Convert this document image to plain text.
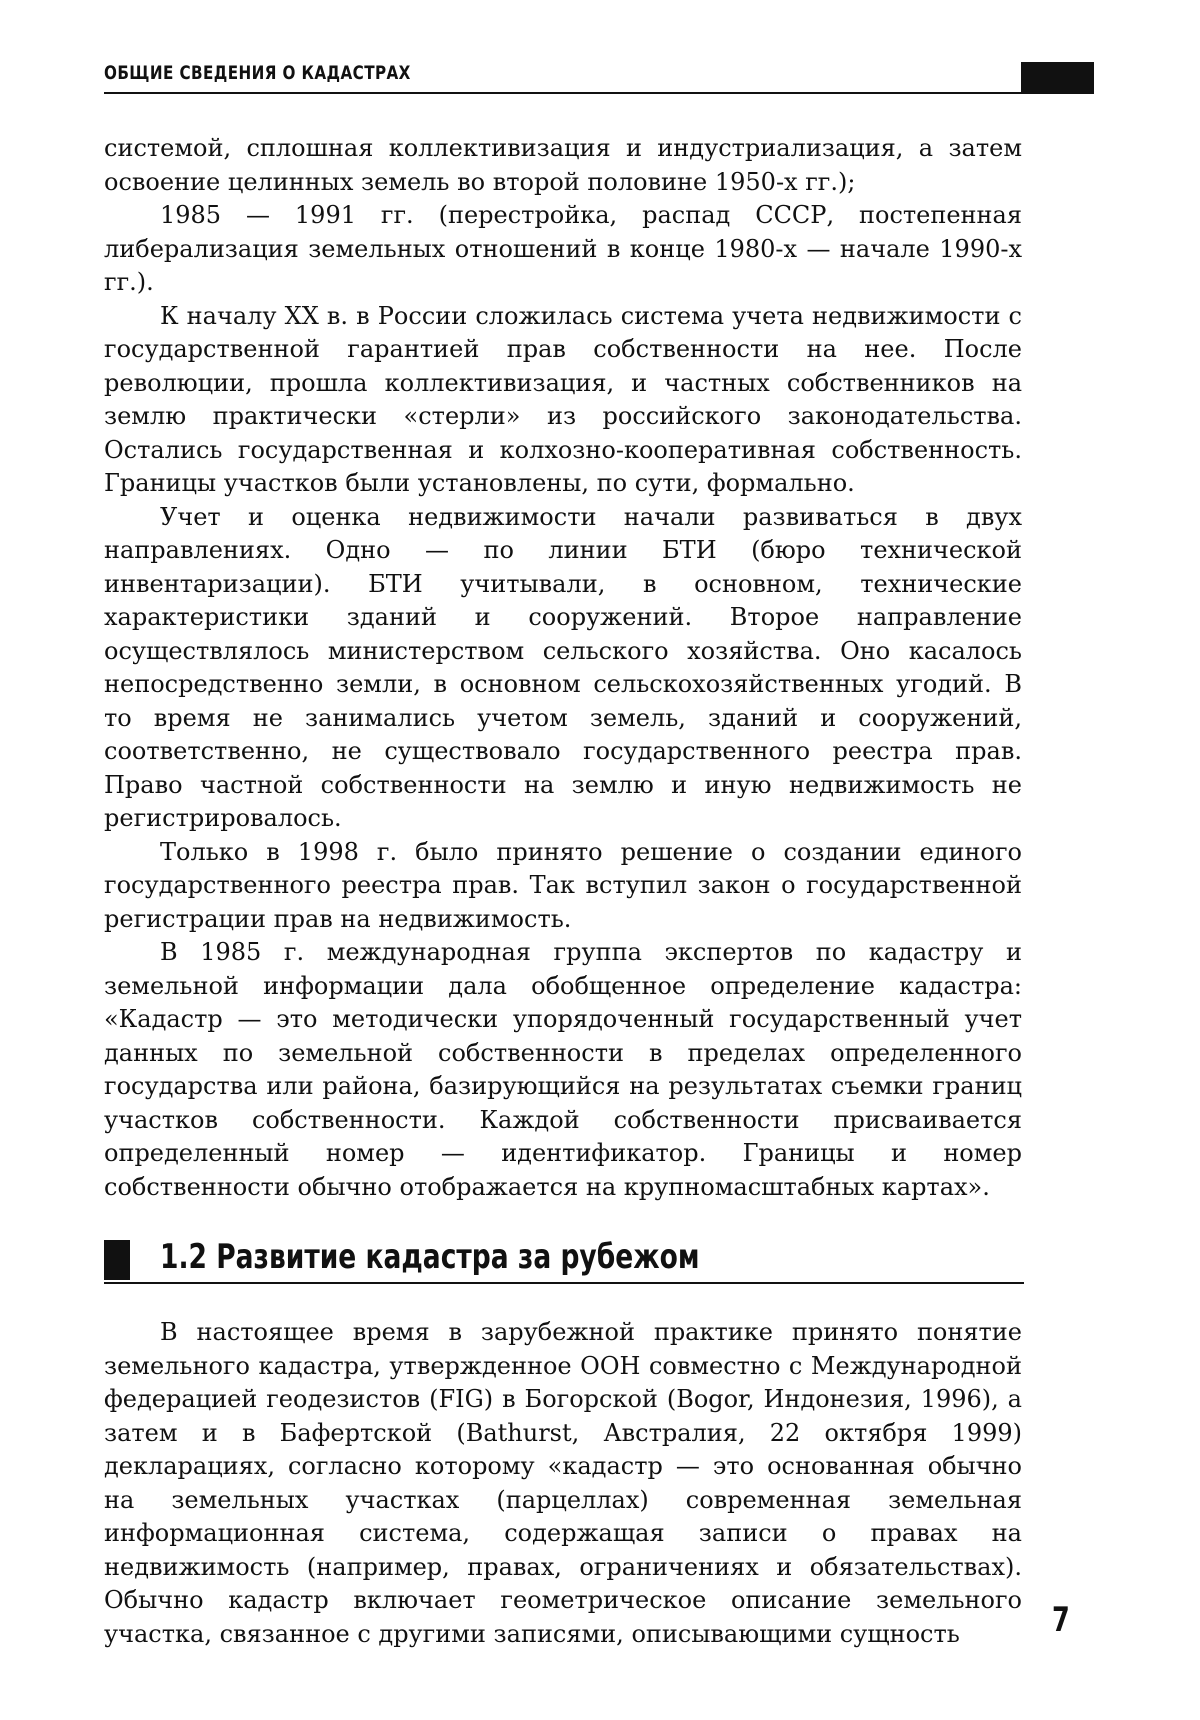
ОБЩИЕ СВЕДЕНИЯ О КАДАСТРАХ

системой, сплошная коллективизация и индустриализация, а затем освоение целинных земель во второй половине 1950-х гг.);

1985 — 1991 гг. (перестройка, распад СССР, постепенная либерализация земельных отношений в конце 1980-х — начале 1990-х гг.).

К началу XX в. в России сложилась система учета недвижимости с государственной гарантией прав собственности на нее. После революции, прошла коллективизация, и частных собственников на землю практически «стерли» из российского законодательства. Остались государственная и колхозно-кооперативная собственность. Границы участков были установлены, по сути, формально.

Учет и оценка недвижимости начали развиваться в двух направлениях. Одно — по линии БТИ (бюро технической инвентаризации). БТИ учитывали, в основном, технические характеристики зданий и сооружений. Второе направление осуществлялось министерством сельского хозяйства. Оно касалось непосредственно земли, в основном сельскохозяйственных угодий. В то время не занимались учетом земель, зданий и сооружений, соответственно, не существовало государственного реестра прав. Право частной собственности на землю и иную недвижимость не регистрировалось.

Только в 1998 г. было принято решение о создании единого государственного реестра прав. Так вступил закон о государственной регистрации прав на недвижимость.

В 1985 г. международная группа экспертов по кадастру и земельной информации дала обобщенное определение кадастра: «Кадастр — это методически упорядоченный государственный учет данных по земельной собственности в пределах определенного государства или района, базирующийся на результатах съемки границ участков собственности. Каждой собственности присваивается определенный номер — идентификатор. Границы и номер собственности обычно отображается на крупномасштабных картах».

1.2 Развитие кадастра за рубежом

В настоящее время в зарубежной практике принято понятие земельного кадастра, утвержденное ООН совместно с Международной федерацией геодезистов (FIG) в Богорской (Bogor, Индонезия, 1996), а затем и в Бафертской (Bathurst, Австралия, 22 октября 1999) декларациях, согласно которому «кадастр — это основанная обычно на земельных участках (парцеллах) современная земельная информационная система, содержащая записи о правах на недвижимость (например, правах, ограничениях и обязательствах). Обычно кадастр включает геометрическое описание земельного участка, связанное с другими записями, описывающими сущность	7
